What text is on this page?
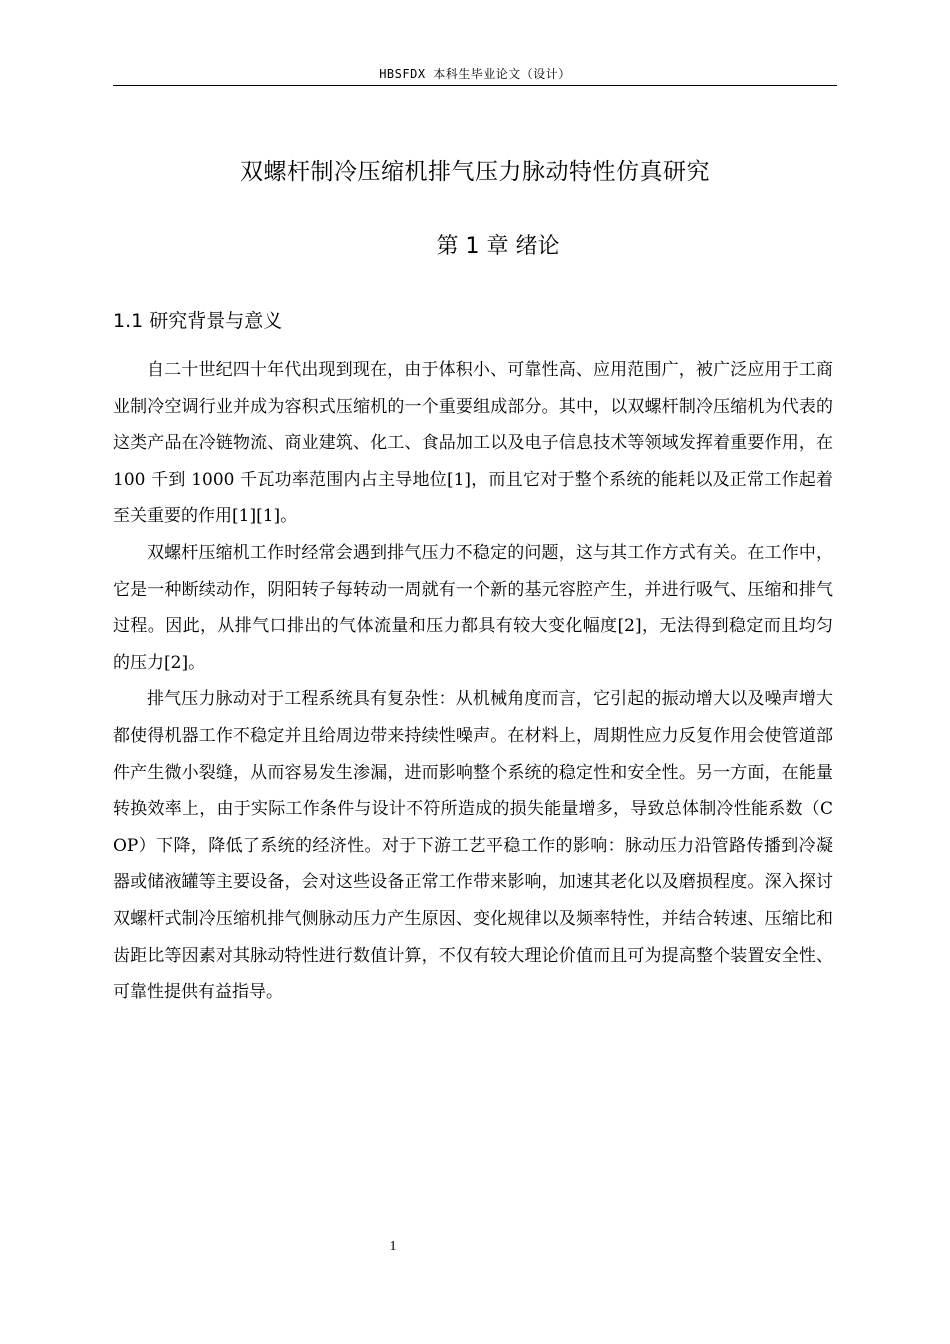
HBSFDX 本科生毕业论文（设计）
双螺杆制冷压缩机排气压力脉动特性仿真研究
第 1 章 绪论
1.1 研究背景与意义

自二十世纪四十年代出现到现在，由于体积小、可靠性高、应用范围广，被广泛应用于工商业制冷空调行业并成为容积式压缩机的一个重要组成部分。其中，以双螺杆制冷压缩机为代表的这类产品在冷链物流、商业建筑、化工、食品加工以及电子信息技术等领域发挥着重要作用，在 100 千到 1000 千瓦功率范围内占主导地位[1]，而且它对于整个系统的能耗以及正常工作起着至关重要的作用[1][1]。

双螺杆压缩机工作时经常会遇到排气压力不稳定的问题，这与其工作方式有关。在工作中，它是一种断续动作，阴阳转子每转动一周就有一个新的基元容腔产生，并进行吸气、压缩和排气过程。因此，从排气口排出的气体流量和压力都具有较大变化幅度[2]，无法得到稳定而且均匀的压力[2]。

排气压力脉动对于工程系统具有复杂性：从机械角度而言，它引起的振动增大以及噪声增大都使得机器工作不稳定并且给周边带来持续性噪声。在材料上，周期性应力反复作用会使管道部件产生微小裂缝，从而容易发生渗漏，进而影响整个系统的稳定性和安全性。另一方面，在能量转换效率上，由于实际工作条件与设计不符所造成的损失能量增多，导致总体制冷性能系数（COP）下降，降低了系统的经济性。对于下游工艺平稳工作的影响：脉动压力沿管路传播到冷凝器或储液罐等主要设备，会对这些设备正常工作带来影响，加速其老化以及磨损程度。深入探讨双螺杆式制冷压缩机排气侧脉动压力产生原因、变化规律以及频率特性，并结合转速、压缩比和齿距比等因素对其脉动特性进行数值计算，不仅有较大理论价值而且可为提高整个装置安全性、可靠性提供有益指导。

1
